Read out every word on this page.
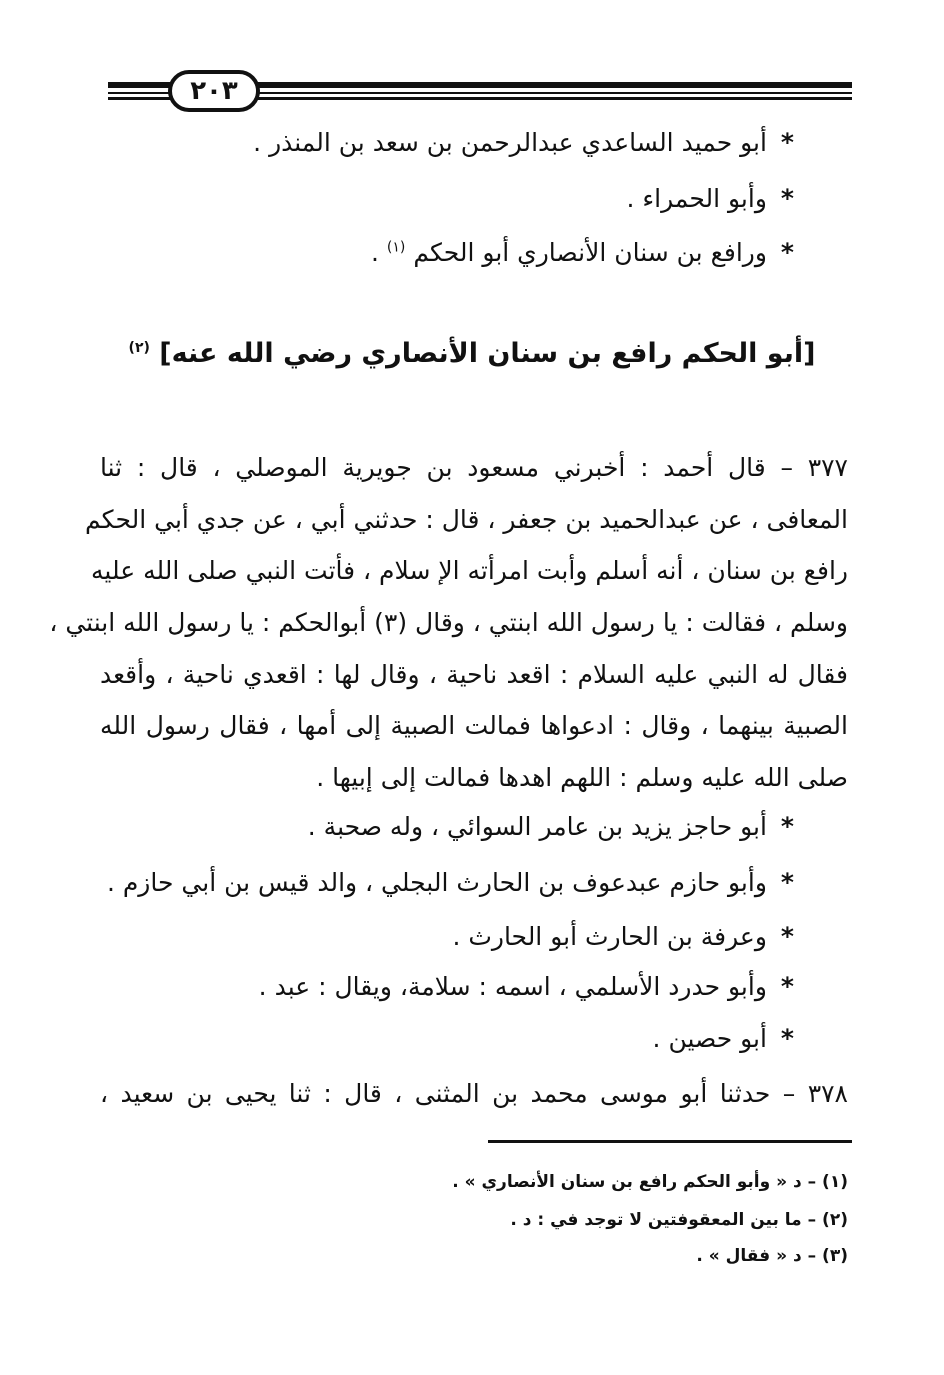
٢٠٣
*أبو حميد الساعدي عبدالرحمن بن سعد بن المنذر .
*وأبو الحمراء .
*ورافع بن سنان الأنصاري أبو الحكم $^{(١)}$ .
[أبو الحكم رافع بن سنان الأنصاري رضي الله عنه] $^{(٢)}$
٣٧٧ – قال أحمد : أخبرني مسعود بن جويرية الموصلي ، قال : ثنا
المعافى ، عن عبدالحميد بن جعفر ، قال : حدثني أبي ، عن جدي أبي الحكم
رافع بن سنان ، أنه أسلم وأبت امرأته الإ سلام ، فأتت النبي صلى الله عليه
وسلم ، فقالت : يا رسول الله ابنتي ، وقال (٣) أبوالحكم : يا رسول الله ابنتي ،
فقال له النبي عليه السلام : اقعد ناحية ، وقال لها : اقعدي ناحية ، وأقعد
الصبية بينهما ، وقال : ادعواها فمالت الصبية إلى أمها ، فقال رسول الله
صلى الله عليه وسلم : اللهم اهدها فمالت إلى إبيها .
*أبو حاجز يزيد بن عامر السوائي ، وله صحبة .
*وأبو حازم عبدعوف بن الحارث البجلي ، والد قيس بن أبي حازم .
*وعرفة بن الحارث أبو الحارث .
*وأبو حدرد الأسلمي ، اسمه : سلامة، ويقال : عبد .
*أبو حصين .
٣٧٨ – حدثنا أبو موسى محمد بن المثنى ، قال : ثنا يحيى بن سعيد ،
(١) – د « وأبو الحكم رافع بن سنان الأنصاري » .
(٢) – ما بين المعقوفتين لا توجد في : د .
(٣) – د « فقال » .
